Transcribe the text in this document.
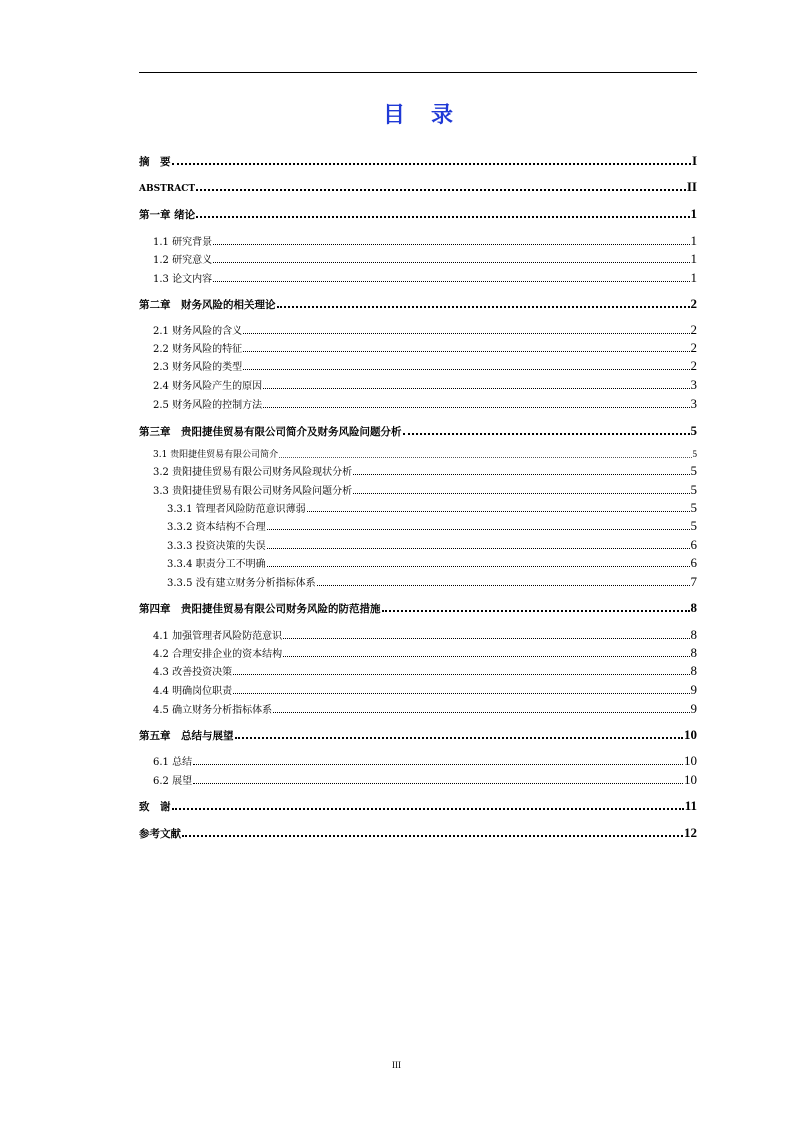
目 录
摘　要	I
ABSTRACT	II
第一章 绪论	1
1.1 研究背景	1
1.2 研究意义	1
1.3 论文内容	1
第二章　财务风险的相关理论	2
2.1 财务风险的含义	2
2.2 财务风险的特征	2
2.3 财务风险的类型	2
2.4 财务风险产生的原因	3
2.5 财务风险的控制方法	3
第三章　贵阳捷佳贸易有限公司简介及财务风险问题分析	5
3.1 贵阳捷佳贸易有限公司简介	5
3.2 贵阳捷佳贸易有限公司财务风险现状分析	5
3.3 贵阳捷佳贸易有限公司财务风险问题分析	5
3.3.1 管理者风险防范意识薄弱	5
3.3.2 资本结构不合理	5
3.3.3 投资决策的失误	6
3.3.4 职责分工不明确	6
3.3.5 没有建立财务分析指标体系	7
第四章　贵阳捷佳贸易有限公司财务风险的防范措施	8
4.1 加强管理者风险防范意识	8
4.2 合理安排企业的资本结构	8
4.3 改善投资决策	8
4.4 明确岗位职责	9
4.5 确立财务分析指标体系	9
第五章　总结与展望	10
6.1 总结	10
6.2 展望	10
致　谢	11
参考文献	12
III
